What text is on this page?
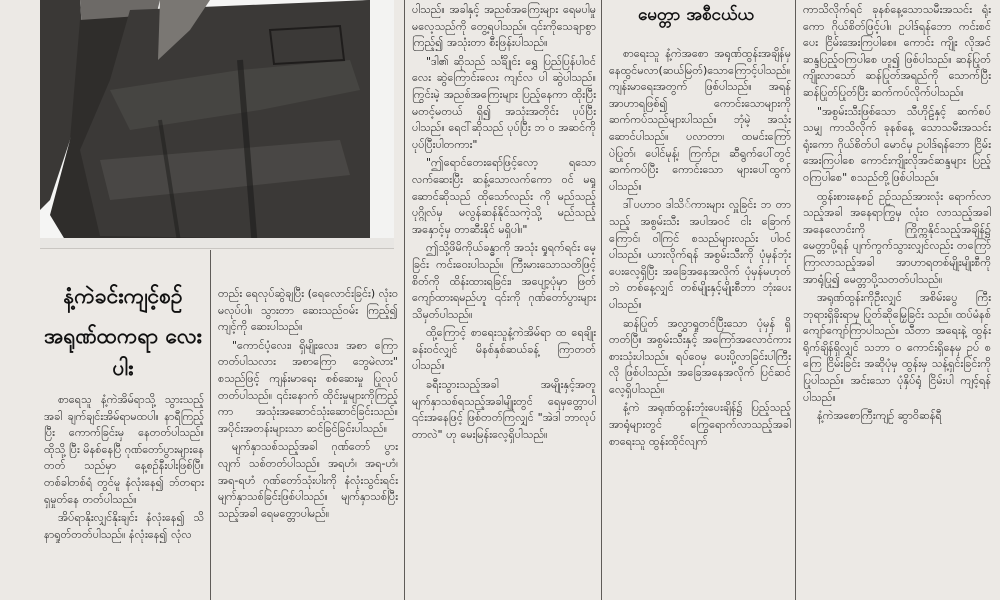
နံ့ကဲခင်းကျင့်စဉ်
အရုဏ်ထကရာ လေးပါး
မေတ္တာ အစီငယ်ယ

စာရေသူ နံ့ကဲအိမ်ရာသို့ သွားသည့်အခါ ချက်ချင်းအိမ်ရာမထပါ။ နာရီကြည့်ပြီး ကောက်ခြင်းမှ နေတတ်ပါသည်။ ထိုသို့ ပြီး မိနစ်နေပြီ ဂုဏ်တော်ပွားများနေတတ် သည်မှာ နေ့စဉ်နီးပါးဖြစ်ပြီ။ တစ်ခါတစ်ရံ တွင်မူ နံလုံးနေ၍ ဘ်တရားရှမှုတ်နေ တတ်ပါသည်။

အိပ်ရာနိုးလျှင်နိုးချင်း နံလုံးနေ၍ သိ နာရှုတ်တတ်ပါသည်။ နံလုံးနေ၍ လုံလ

တည်း ရေလုပ်ဆွဲချပြီး (ရေလောင်းခြင်း) လုံးဝမလုပ်ပါ။ သွားတာ ဆေးသည်ဝမ်း ကြည့်၍ ကျင့်ကို ဆေးပါသည်။

"ကောင်ပံ့လေး၊ ရှိမျိုးလေး၊ အစာ ကြောတတ်ပါသလား အစာကြော ဘွေမဲလား" စသည်ဖြင့် ကျန်းမာရေး စစ်ဆေးမှု ပြုလုပ်တတ်ပါသည်။ ၎င်းနောက် ထိုင်းမှုများကိုကြည့်ကာ အသုံးအဆောင်သုံးဆောင်ခြင်းသည်။ အပိုင်းအတန်းများသာ ဆင်ခြင်ခြင်းပါသည်။

မျက်နှာသစ်သည့်အခါ ဂုဏ်တော် ပွားလျက် သစ်တတ်ပါသည်။ အရဟံ၊ အရ-ဟံ၊အရ-ရဟံ ဂုဏ်တော်သုံးပါးကို နံလုံးသွင်းရင်း မျက်နှာသစ်ခြင်းဖြစ်ပါသည်။ မျက်နှာသစ်ပြီးသည့်အခါ ရေမတ္တောပါမည်။

ပါသည်။ အခါနှင့် အညစ်အကြေးများ ရေမပါမှုမလေ့သည်ကို တွေ့ရပါသည်။ ၎င်းကိုသေချာစွာကြည့်၍ အသုံးတာ စီးဖြန်းပါသည်။

"ဒါ၏ ဆိုသည် သင်္ချိုင်း ရွှေ ပြည်ပြန်ပါဝင်လေး ဆွဲကြောင်းလေး ကျင်လ ပါ ဆွဲပါသည်။ ကြွင်းမဲ့ အညစ်အကြေးများ ပြည့်နေကာ ထိုးပြီး မတင့်မတယ် ရှိ၍ အသုံးအတိုင်း ပုပ်ပြီးပါသည်။ ရေငါ်ဆိုသည် ပုပ်ပြီး ဘ ဝ အဆင်ကို ပုပ်ပြီးပါတကား"

"ဤရောင်တေးရော်ဖြင့်လော့ ရသော လက်ဆေးပြီး ဆန့်သောလက်ကော ဝင် မရှုဆောင်ဆိုသည် ထိုသော်လည်း ကို မည်သည့်ပုဂ္ဂိုလ်မှ မလွန်ဆန်နိုင်သကဲ့သို့ မည်သည့်အနှောင့်မှ တာဆီးနိုင် မရှိပါ။"

ဤသို့ဖိမိကိုယ်ခန္ဓာကို အသုံး ရှုရက်ရင်း မေ့ခြင်း ကင်းဝေးပါသည်။ ကြီးမားသောသတိဖြင့် စိတ်ကို ထိန်းထားရခြင်း၊ အပျော့ပုံမှာ ဖြတ်ကျော်ထားရမည်ဟူ ၎င်းကို ဂုဏ်တော်ပွားများ သိမှတ်ပါသည်။

ထို့ကြောင့် စာရေးသူနံ့ကဲအိမ်ရာ ထ ရေချိုးခန်းဝင်လျှင် မိနစ်နှစ်ဆယ်ခန့် ကြာတတ်ပါသည်။

ခရီးသွားသည့်အခါ အမျိုးနှင့်အတူ မျက်နှာသစ်ရသည့်အခါမျိုးတွင် ရေမှတ္တောပါ ၎င်းအနေဖြင့် ဖြစ်တတ်ကြလျှင် "အဲဒါ ဘာလုပ်တာလဲ" ဟု မေးမြန်းလေ့ရှိပါသည်။

စာရေးသူ နံ့ကဲအစော အရုဏ်ထွန်းအချိန်မှ နေထွင်မလာ(ဆယ်မြတ်)သောကြောင့်ပါသည်။ ကျန်းမာရေးအတွက် ဖြစ်ပါသည်။ အရန်အာဟာရဖြစ်၍ ကောင်းသောများကို ဆက်ကပ်သည်များပါသည်။ ဘုံမဲ့ အသုံး ဆောင်ပါသည်။ ပလာတာ၊ ထမင်းကြော် ပဲပြုတ်၊ ပေါင်မုန့်၊ ကြက်ဥ၊ ဆီရွက်ပေါ်တွင် ဆက်ကပ်ပြီး ကောင်းသော များပေါ်ထွက်ပါသည်။

ဒါ်ပဟာဝ ဒါသိ်ကားများ လှူခြင်း ဘ တာသည့် အစွမ်းသီး အပါအဝင် ငါး ခြောက်ကြောင်၊ ဝါကြင် စသည်များလည်း ပါဝင်ပါသည်။ ယားလိုက်ရန် အစွမ်းသီးကို ပုံမှန်ဘုံးပေးလေ့ရှိပြီး အခြေအနေအလိုက် ပုံမှန်မဟုတ်ဘဲ တစ်နေ့လျှင် တစ်မျိုးနှင့်မျိုးစီဘာ ဘုံးပေးပါသည်။

ဆန်ပြုတ် အလွှာရှုတင်ပြီးသော ပုံမှန် ရှိတတ်ပြီ။ အစွမ်းသီးနှင့် အကြော်အလောင်ကား စားသုံးပါသည်။ ရပ်ဝေမှ ပေးပို့လာခြင်းပါကြီးလို ဖြစ်ပါသည်။ အခြေအနေအလိုက် ပြင်ဆင်လေ့ရှိပါသည်။

နံ့ကဲ အရုဏ်ထွန်းဘုံးပေးချိန်၌ ပြည့်သည့်အာရုံများတွင် ကြွေရောက်လာသည့်အခါ စာရေးသူ ထွန်းထိုင်လျက်

ကာသိလိုက်ရင် ခုနစ်နေ့သောသမီးအသင်း ရုံးကော ဂိုယ်စိတ်ဖြင့်ပါ။ ဥပါဒ်ရန်ဘော ကင်းစင်ပေး ငြိမ်းအေးကြပါစေ။ ကောင်း ကျိုး လိုအင်ဆန္ဒပြည့်ဝကြပါစေ ဟူ၍ ဖြစ်ပါသည်။ ဆန်ပြုတ်ကျိုးလာသော် ဆန်ပြုတ်အရည်ကို သောက်ပြီး ဆန်ပြုတ်ပြုတ်ပြီး ဆက်ကပ်လိုက်ပါသည်။

"အစွမ်းသီးဖြစ်သော သီဟိုဠ်နှင့် ဆက်စပ်သမျှ ကာသိလိုက် ခုနစ်နေ့ သောသမီးအသင်း ရုံးကော ဂိုယ်စိတ်ပါ မောင်မှ ဥပါဒ်ရန်ဘော ငြိမ်းအေးကြပါစေ ကောင်းကျိုးလိုအင်ဆန္ဒများ ပြည့်ဝကြပါစေ" စသည်တို့ဖြစ်ပါသည်။

ထွန်းစားနေစဉ် ဥဉ်သည်အားလုံး ရောက်လာသည့်အခါ အနေရာကြွမှ လုံးဝ လာသည့်အခါ အနေလောင်းကို ကြိုက္ကနိုင်သည့်အချိန်၌ မေတ္တာပို့ရန် ပျက်ကွက်သွားလျှင်လည်း တကြော်ကြာလာသည့်အခါ အာဟာရတစ်မျိုးမျိုးစီကို အာရုံပြု၍ မေတ္တာပို့သတတ်ပါသည်။

အရုဏ်ထွန်းကိုဦးလျှင် အစိမ်းပွေ ကြီး ဘုရားရှိခိုးရာမှ ပြုတ်ဆိုမြှေခြင်း သည်။ ထပ်မံနစ်ကျော်ကျော်ကြာပါသည်။ သီတာ အရေးနဲ့ ထွန်းရိုက်ချိန်ရှိလျှင် သဘာ ဝ ကောင်းရှိနေမှ ဥပ် စကြေ ငြိမ်းခြင်း အဆိုပုံမှ ထွန်းမှ သန့်ရှင်းခြင်းကို ပြုပါသည်။ အင်းသော ပုံနှိပ်ရုံ ငြိမ်းပါ ကျင့်ရန်ပါသည်။

နံ့ကဲအစောကြီးကျဉ် ဆွာဝိဆန်ရီ
